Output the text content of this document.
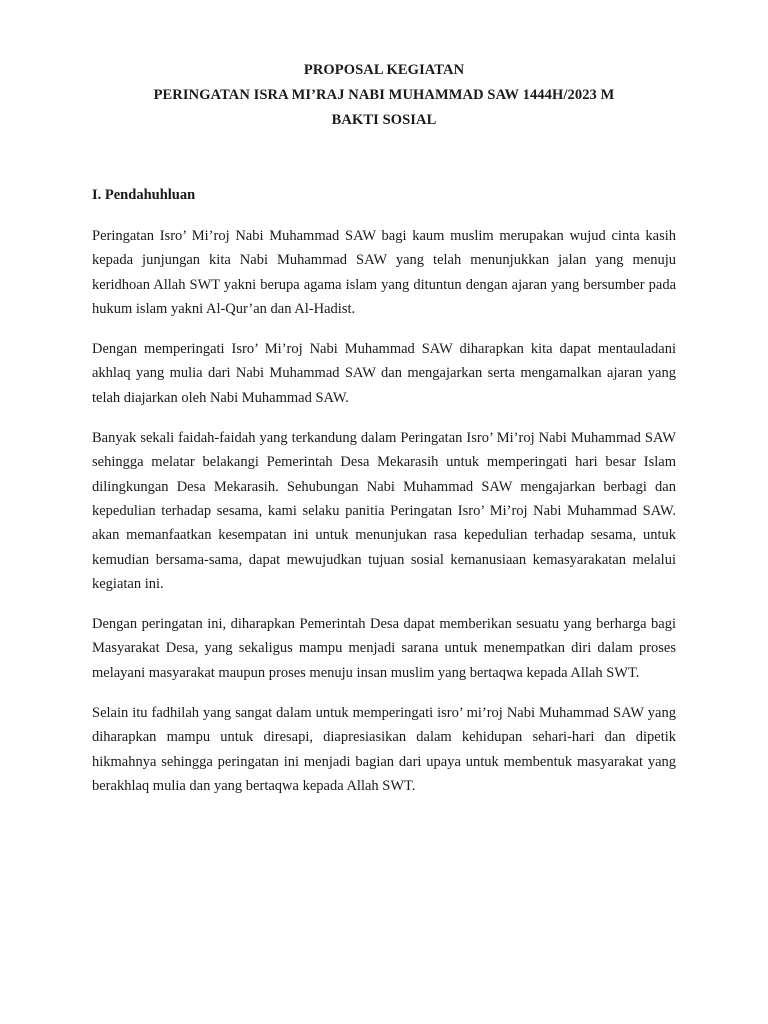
PROPOSAL KEGIATAN
PERINGATAN ISRA MI’RAJ NABI MUHAMMAD SAW 1444H/2023 M
BAKTI SOSIAL
I. Pendahuhluan

Peringatan Isro’ Mi’roj Nabi Muhammad SAW bagi kaum muslim merupakan wujud cinta kasih kepada junjungan kita Nabi Muhammad SAW yang telah menunjukkan jalan yang menuju keridhoan Allah SWT yakni berupa agama islam yang dituntun dengan ajaran yang bersumber pada hukum islam yakni Al-Qur’an dan Al-Hadist.

Dengan memperingati Isro’ Mi’roj Nabi Muhammad SAW diharapkan kita dapat mentauladani akhlaq yang mulia dari Nabi Muhammad SAW dan mengajarkan serta mengamalkan ajaran yang telah diajarkan oleh Nabi Muhammad SAW.

Banyak sekali faidah-faidah yang terkandung dalam Peringatan Isro’ Mi’roj Nabi Muhammad SAW sehingga melatar belakangi Pemerintah Desa Mekarasih untuk memperingati hari besar Islam dilingkungan Desa Mekarasih. Sehubungan Nabi Muhammad SAW mengajarkan berbagi dan kepedulian terhadap sesama, kami selaku panitia Peringatan Isro’ Mi’roj Nabi Muhammad SAW. akan memanfaatkan kesempatan ini untuk menunjukan rasa kepedulian terhadap sesama, untuk kemudian bersama-sama, dapat mewujudkan tujuan sosial kemanusiaan kemasyarakatan melalui kegiatan ini.

Dengan peringatan ini, diharapkan Pemerintah Desa dapat memberikan sesuatu yang berharga bagi Masyarakat Desa, yang sekaligus mampu menjadi sarana untuk menempatkan diri dalam proses melayani masyarakat maupun proses menuju insan muslim yang bertaqwa kepada Allah SWT.

Selain itu fadhilah yang sangat dalam untuk memperingati isro’ mi’roj Nabi Muhammad SAW yang diharapkan mampu untuk diresapi, diapresiasikan dalam kehidupan sehari-hari dan dipetik hikmahnya sehingga peringatan ini menjadi bagian dari upaya untuk membentuk masyarakat yang berakhlaq mulia dan yang bertaqwa kepada Allah SWT.
